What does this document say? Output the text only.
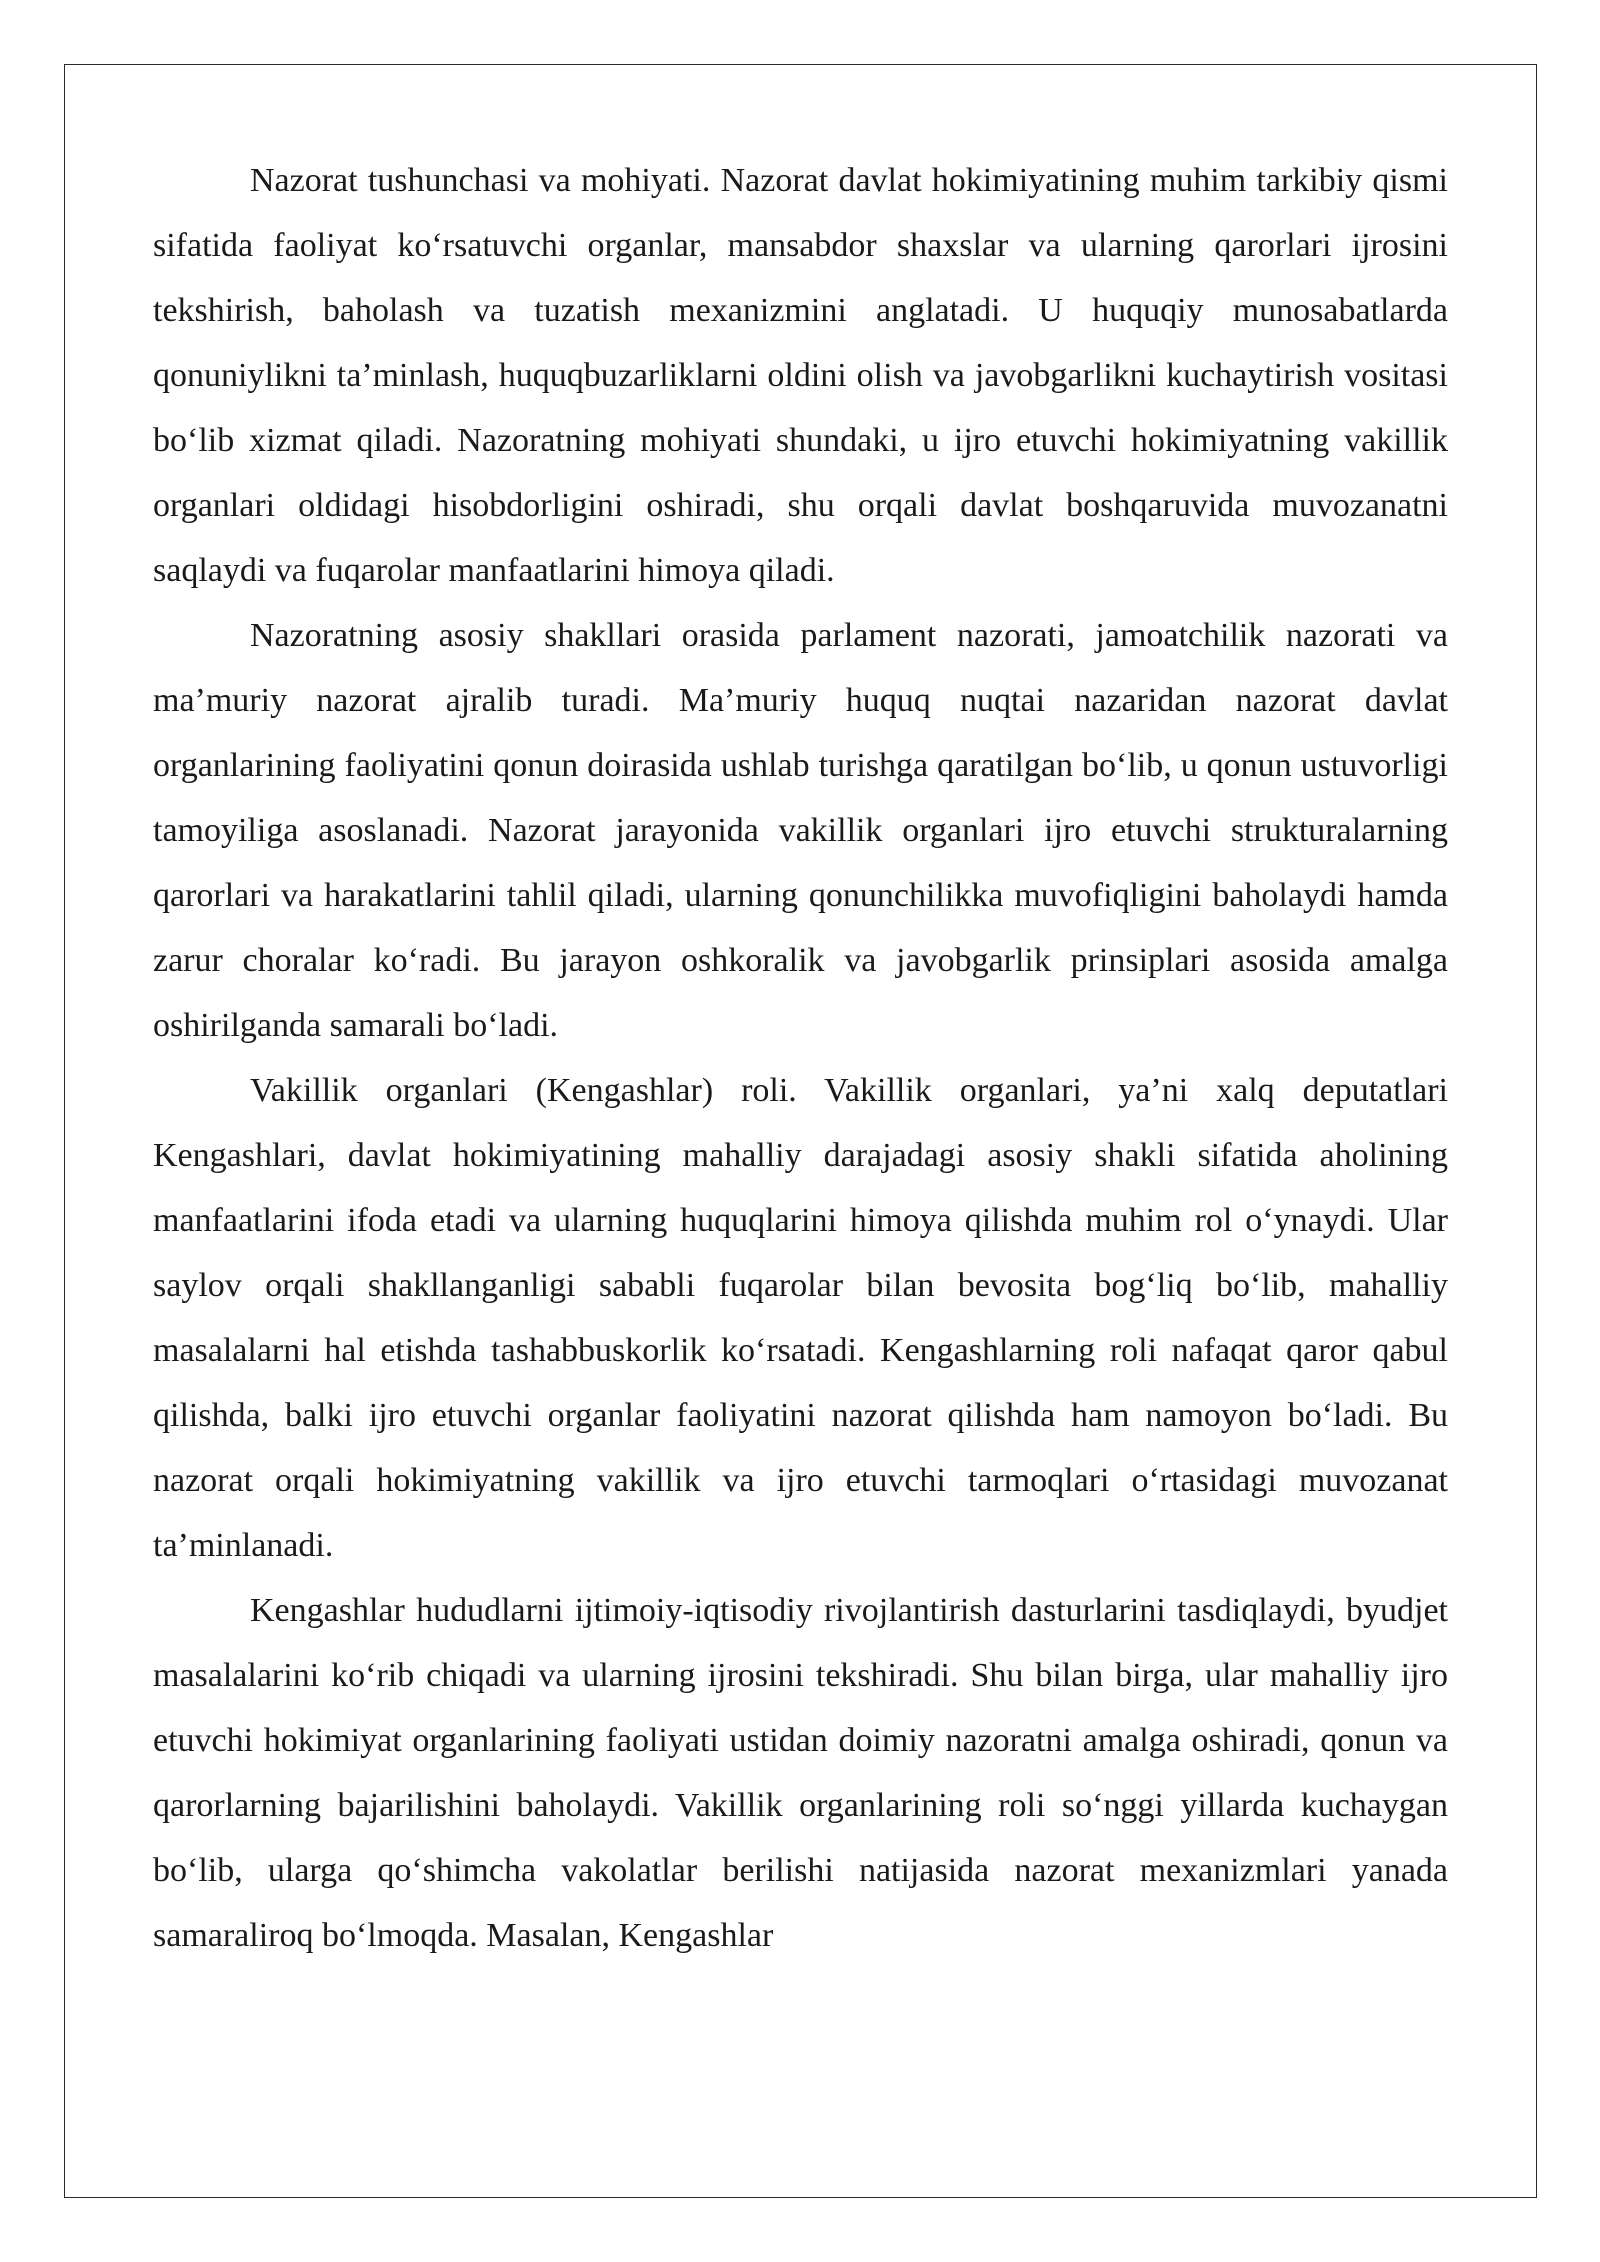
Nazorat tushunchasi va mohiyati. Nazorat davlat hokimiyatining muhim tarkibiy qismi sifatida faoliyat ko‘rsatuvchi organlar, mansabdor shaxslar va ularning qarorlari ijrosini tekshirish, baholash va tuzatish mexanizmini anglatadi. U huquqiy munosabatlarda qonuniylikni ta’minlash, huquqbuzarliklarni oldini olish va javobgarlikni kuchaytirish vositasi bo‘lib xizmat qiladi. Nazoratning mohiyati shundaki, u ijro etuvchi hokimiyatning vakillik organlari oldidagi hisobdorligini oshiradi, shu orqali davlat boshqaruvida muvozanatni saqlaydi va fuqarolar manfaatlarini himoya qiladi.

Nazoratning asosiy shakllari orasida parlament nazorati, jamoatchilik nazorati va ma’muriy nazorat ajralib turadi. Ma’muriy huquq nuqtai nazaridan nazorat davlat organlarining faoliyatini qonun doirasida ushlab turishga qaratilgan bo‘lib, u qonun ustuvorligi tamoyiliga asoslanadi. Nazorat jarayonida vakillik organlari ijro etuvchi strukturalarning qarorlari va harakatlarini tahlil qiladi, ularning qonunchilikka muvofiqligini baholaydi hamda zarur choralar ko‘radi. Bu jarayon oshkoralik va javobgarlik prinsiplari asosida amalga oshirilganda samarali bo‘ladi.

Vakillik organlari (Kengashlar) roli. Vakillik organlari, ya’ni xalq deputatlari Kengashlari, davlat hokimiyatining mahalliy darajadagi asosiy shakli sifatida aholining manfaatlarini ifoda etadi va ularning huquqlarini himoya qilishda muhim rol o‘ynaydi. Ular saylov orqali shakllanganligi sababli fuqarolar bilan bevosita bog‘liq bo‘lib, mahalliy masalalarni hal etishda tashabbuskorlik ko‘rsatadi. Kengashlarning roli nafaqat qaror qabul qilishda, balki ijro etuvchi organlar faoliyatini nazorat qilishda ham namoyon bo‘ladi. Bu nazorat orqali hokimiyatning vakillik va ijro etuvchi tarmoqlari o‘rtasidagi muvozanat ta’minlanadi.

Kengashlar hududlarni ijtimoiy-iqtisodiy rivojlantirish dasturlarini tasdiqlaydi, byudjet masalalarini ko‘rib chiqadi va ularning ijrosini tekshiradi. Shu bilan birga, ular mahalliy ijro etuvchi hokimiyat organlarining faoliyati ustidan doimiy nazoratni amalga oshiradi, qonun va qarorlarning bajarilishini baholaydi. Vakillik organlarining roli so‘nggi yillarda kuchaygan bo‘lib, ularga qo‘shimcha vakolatlar berilishi natijasida nazorat mexanizmlari yanada samaraliroq bo‘lmoqda. Masalan, Kengashlar
